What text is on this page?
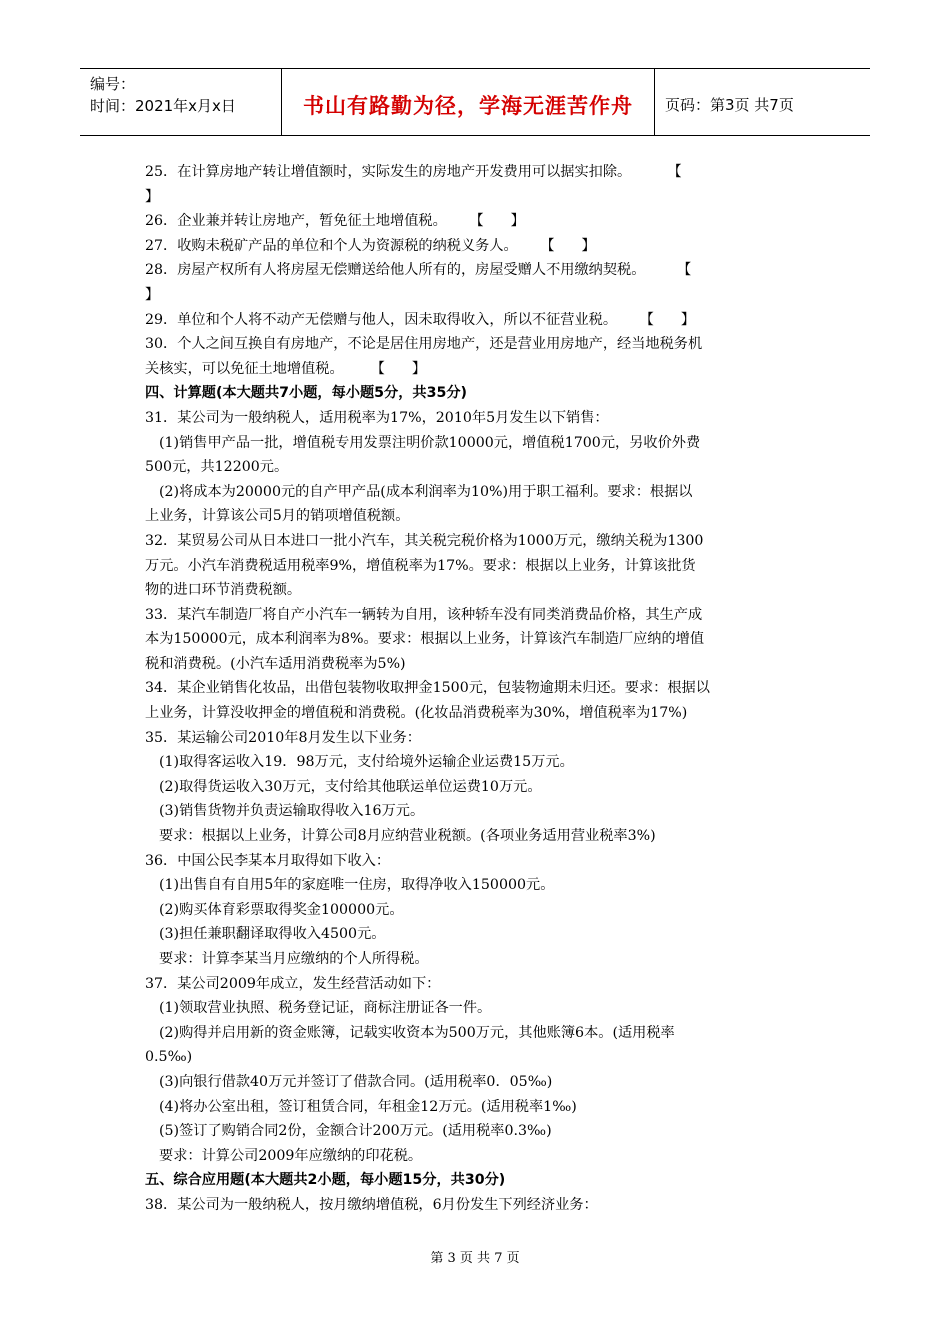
编号：
时间：2021年x月x日	书山有路勤为径，学海无涯苦作舟	页码：第3页 共7页

25．在计算房地产转让增值额时，实际发生的房地产开发费用可以据实扣除。        【

】

26．企业兼并转让房地产，暂免征土地增值税。     【      】

27．收购未税矿产品的单位和个人为资源税的纳税义务人。     【      】

28．房屋产权所有人将房屋无偿赠送给他人所有的，房屋受赠人不用缴纳契税。       【

】

29．单位和个人将不动产无偿赠与他人，因未取得收入，所以不征营业税。     【      】

30．个人之间互换自有房地产，不论是居住用房地产，还是营业用房地产，经当地税务机

关核实，可以免征土地增值税。      【      】

四、计算题(本大题共7小题，每小题5分，共35分)

31．某公司为一般纳税人，适用税率为17%，2010年5月发生以下销售：

(1)销售甲产品一批，增值税专用发票注明价款10000元，增值税1700元，另收价外费

500元，共12200元。

(2)将成本为20000元的自产甲产品(成本利润率为10%)用于职工福利。要求：根据以

上业务，计算该公司5月的销项增值税额。

32．某贸易公司从日本进口一批小汽车，其关税完税价格为1000万元，缴纳关税为1300

万元。小汽车消费税适用税率9%，增值税率为17%。要求：根据以上业务，计算该批货

物的进口环节消费税额。

33．某汽车制造厂将自产小汽车一辆转为自用，该种轿车没有同类消费品价格，其生产成

本为150000元，成本利润率为8%。要求：根据以上业务，计算该汽车制造厂应纳的增值

税和消费税。(小汽车适用消费税率为5%)

34．某企业销售化妆品，出借包装物收取押金1500元，包装物逾期未归还。要求：根据以

上业务，计算没收押金的增值税和消费税。(化妆品消费税率为30%，增值税率为17%)

35．某运输公司2010年8月发生以下业务：

(1)取得客运收入19．98万元，支付给境外运输企业运费15万元。

(2)取得货运收入30万元，支付给其他联运单位运费10万元。

(3)销售货物并负责运输取得收入16万元。

要求：根据以上业务，计算公司8月应纳营业税额。(各项业务适用营业税率3%)

36．中国公民李某本月取得如下收入：

(1)出售自有自用5年的家庭唯一住房，取得净收入150000元。

(2)购买体育彩票取得奖金100000元。

(3)担任兼职翻译取得收入4500元。

要求：计算李某当月应缴纳的个人所得税。

37．某公司2009年成立，发生经营活动如下：

(1)领取营业执照、税务登记证，商标注册证各一件。

(2)购得并启用新的资金账簿，记载实收资本为500万元，其他账簿6本。(适用税率

0.5‰)

(3)向银行借款40万元并签订了借款合同。(适用税率0．05‰)

(4)将办公室出租，签订租赁合同，年租金12万元。(适用税率1‰)

(5)签订了购销合同2份，金额合计200万元。(适用税率0.3‰)

要求：计算公司2009年应缴纳的印花税。

五、综合应用题(本大题共2小题，每小题15分，共30分)

38．某公司为一般纳税人，按月缴纳增值税，6月份发生下列经济业务：

第 3 页 共 7 页
